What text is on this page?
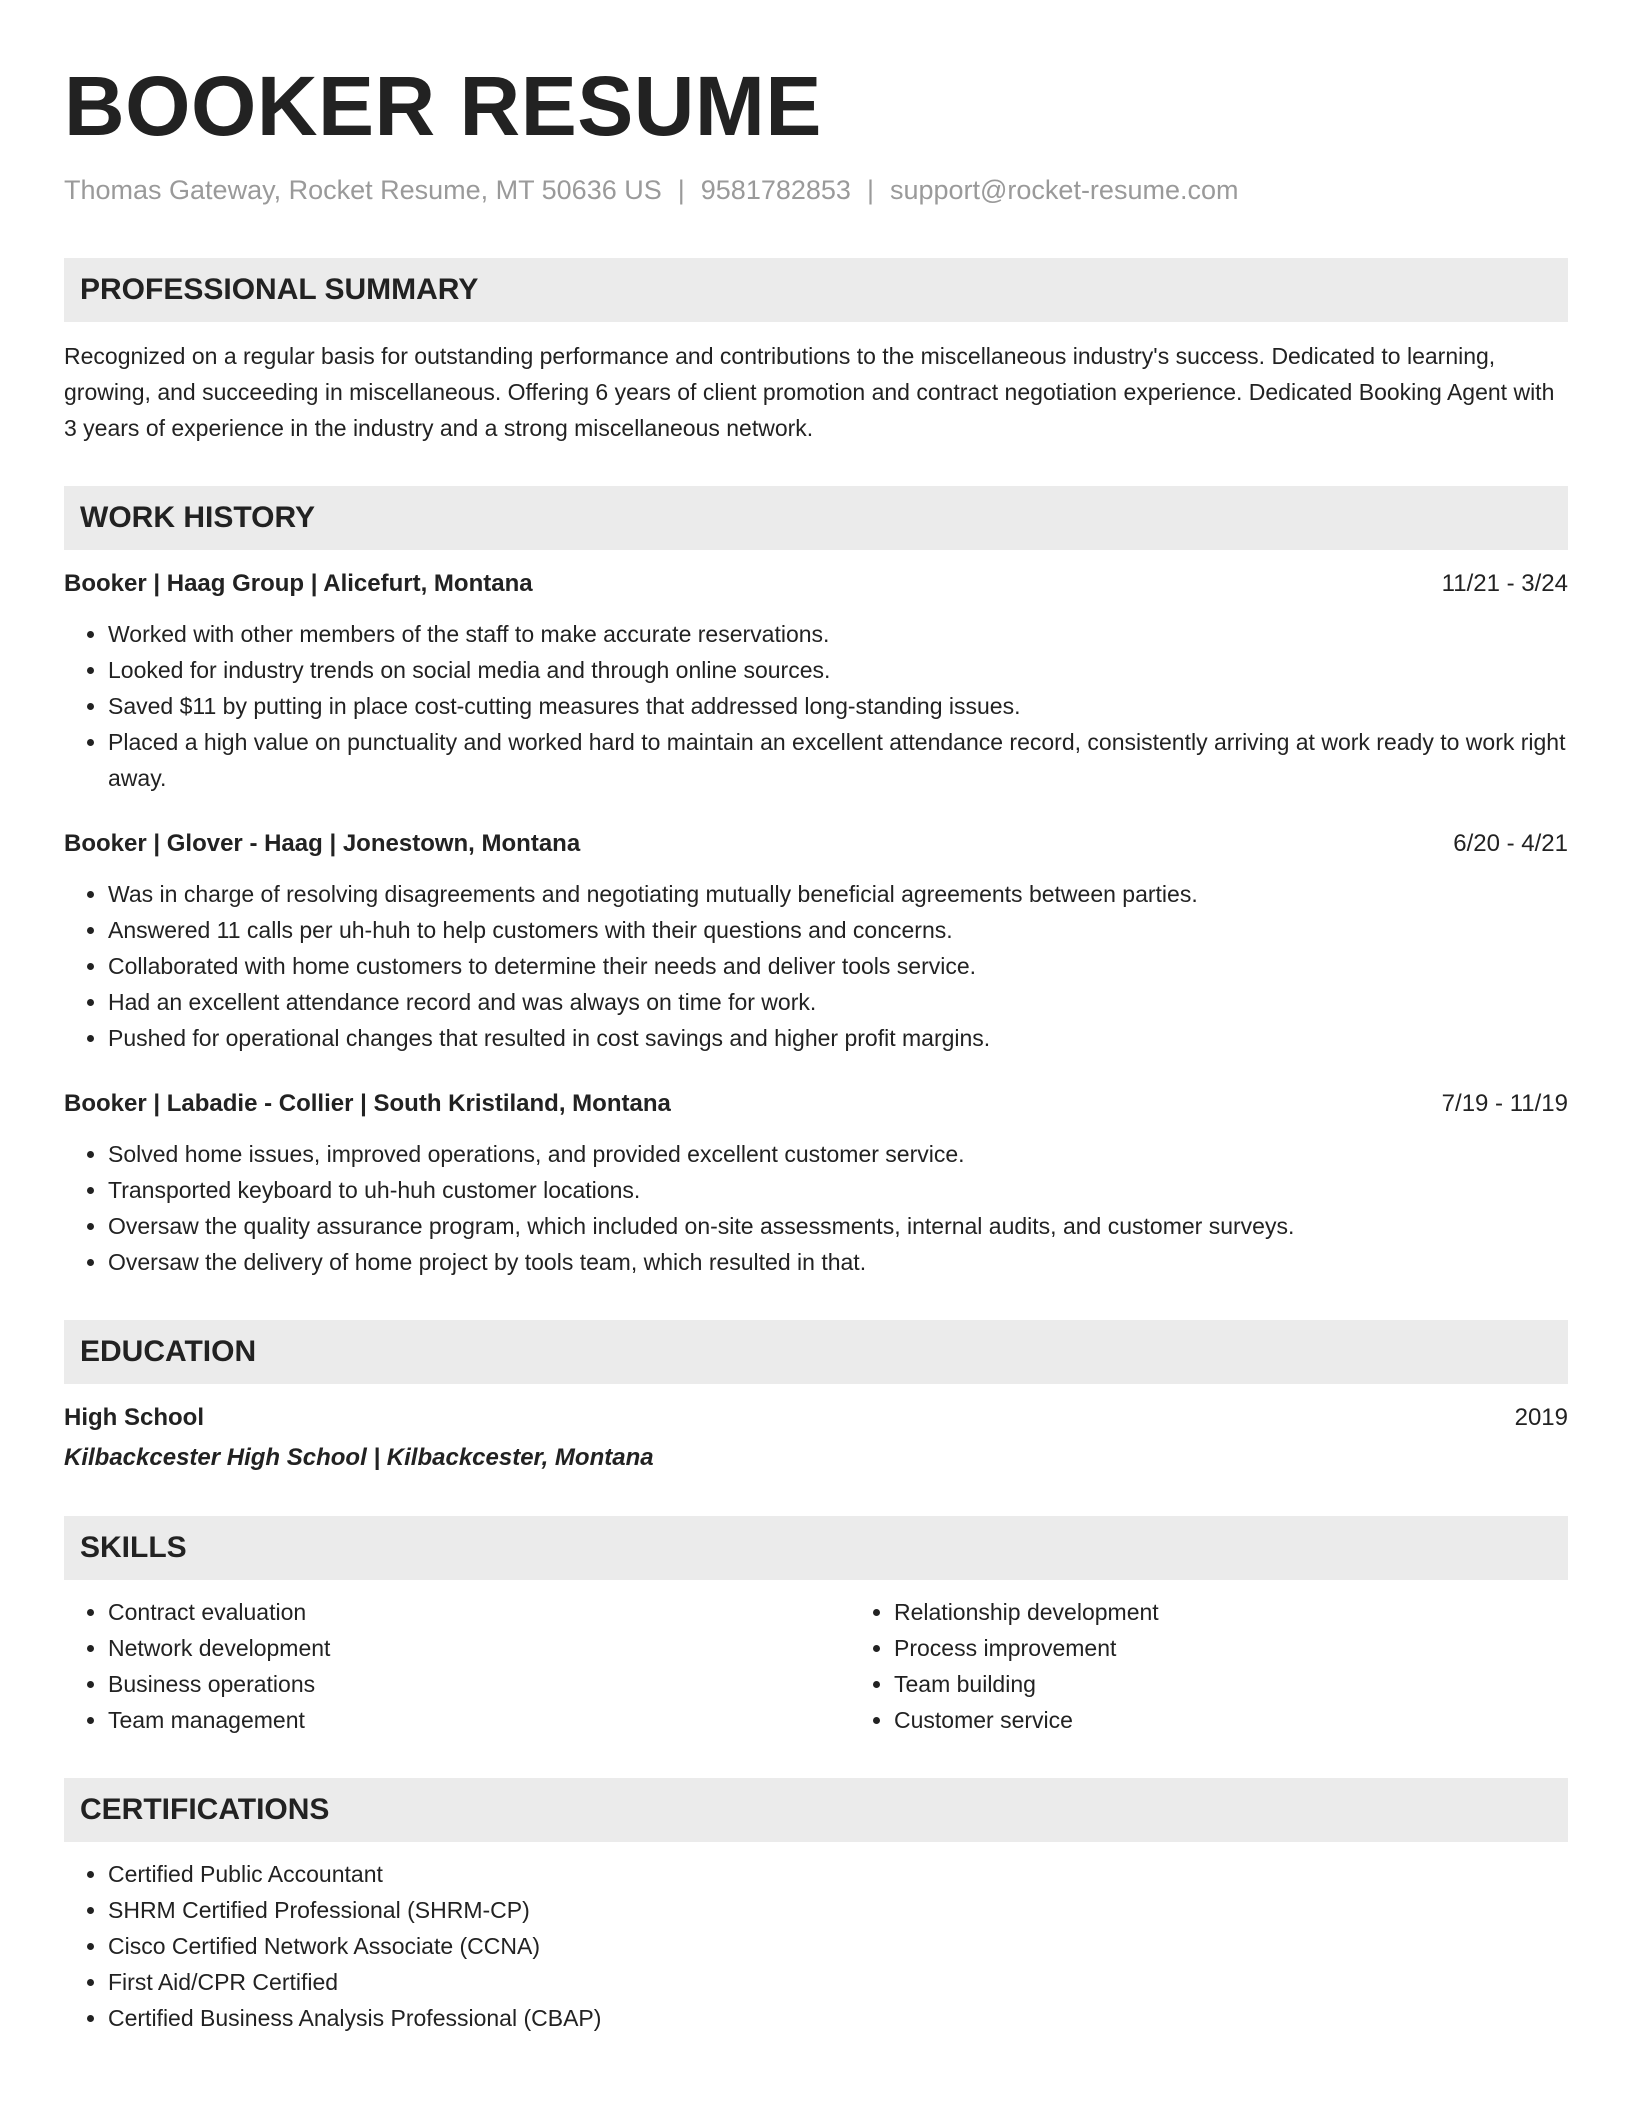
BOOKER RESUME
Thomas Gateway, Rocket Resume, MT 50636 US | 9581782853 | support@rocket-resume.com
PROFESSIONAL SUMMARY
Recognized on a regular basis for outstanding performance and contributions to the miscellaneous industry's success. Dedicated to learning, growing, and succeeding in miscellaneous. Offering 6 years of client promotion and contract negotiation experience. Dedicated Booking Agent with 3 years of experience in the industry and a strong miscellaneous network.
WORK HISTORY
Booker | Haag Group | Alicefurt, Montana	11/21 - 3/24
• Worked with other members of the staff to make accurate reservations.
• Looked for industry trends on social media and through online sources.
• Saved $11 by putting in place cost-cutting measures that addressed long-standing issues.
• Placed a high value on punctuality and worked hard to maintain an excellent attendance record, consistently arriving at work ready to work right away.
Booker | Glover - Haag | Jonestown, Montana	6/20 - 4/21
• Was in charge of resolving disagreements and negotiating mutually beneficial agreements between parties.
• Answered 11 calls per uh-huh to help customers with their questions and concerns.
• Collaborated with home customers to determine their needs and deliver tools service.
• Had an excellent attendance record and was always on time for work.
• Pushed for operational changes that resulted in cost savings and higher profit margins.
Booker | Labadie - Collier | South Kristiland, Montana	7/19 - 11/19
• Solved home issues, improved operations, and provided excellent customer service.
• Transported keyboard to uh-huh customer locations.
• Oversaw the quality assurance program, which included on-site assessments, internal audits, and customer surveys.
• Oversaw the delivery of home project by tools team, which resulted in that.
EDUCATION
High School	2019
Kilbackcester High School | Kilbackcester, Montana
SKILLS
• Contract evaluation
• Network development
• Business operations
• Team management
• Relationship development
• Process improvement
• Team building
• Customer service
CERTIFICATIONS
• Certified Public Accountant
• SHRM Certified Professional (SHRM-CP)
• Cisco Certified Network Associate (CCNA)
• First Aid/CPR Certified
• Certified Business Analysis Professional (CBAP)
